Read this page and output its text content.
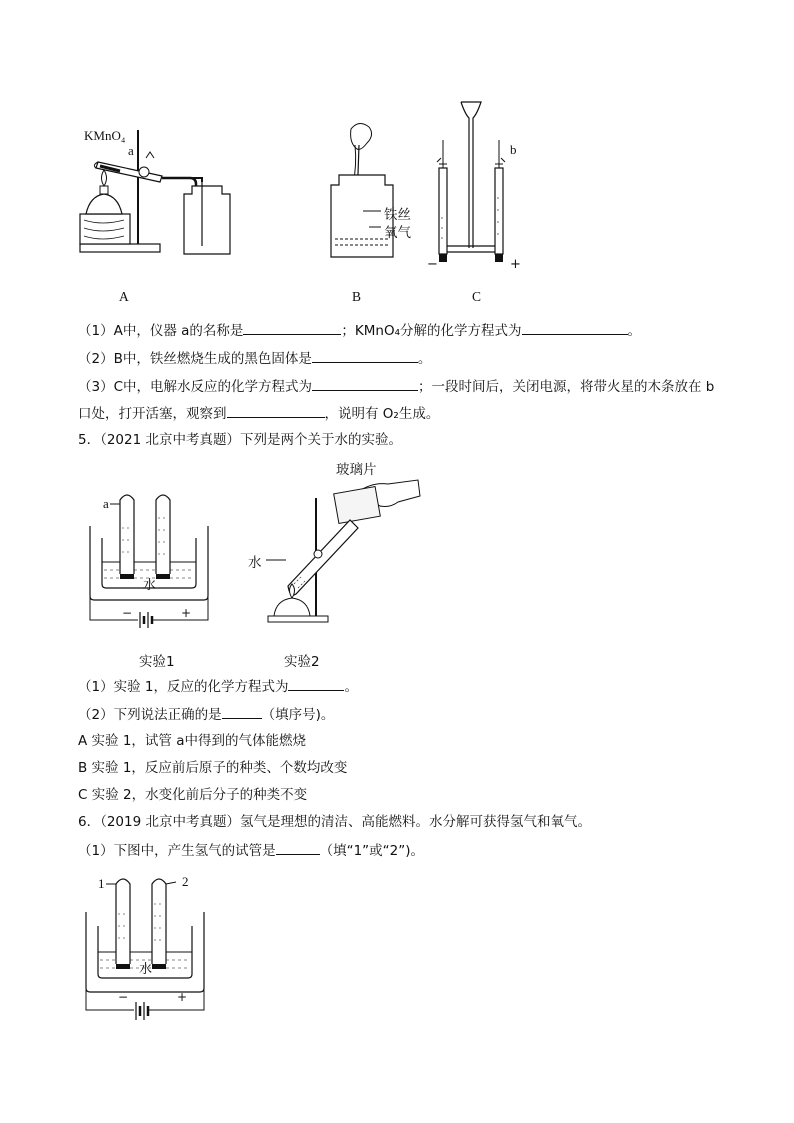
KMnO₄
a
A
铁丝
氧气
B
b
−	+
C
（1）A中，仪器 a的名称是	；KMnO₄分解的化学方程式为	。
（2）B中，铁丝燃烧生成的黑色固体是	。
（3）C中，电解水反应的化学方程式为	；一段时间后，关闭电源，将带火星的木条放在 b
口处，打开活塞，观察到	，说明有 O₂生成。
5．（2021 北京中考真题）下列是两个关于水的实验。
a
水
−	+
实验1
玻璃片
水
实验2
（1）实验 1，反应的化学方程式为	。
（2）下列说法正确的是	（填序号)。
A 实验 1，试管 a中得到的气体能燃烧
B 实验 1，反应前后原子的种类、个数均改变
C 实验 2，水变化前后分子的种类不变
6．（2019 北京中考真题）氢气是理想的清洁、高能燃料。水分解可获得氢气和氧气。
（1）下图中，产生氢气的试管是	（填“1”或“2”)。
1	2
水
−	+
